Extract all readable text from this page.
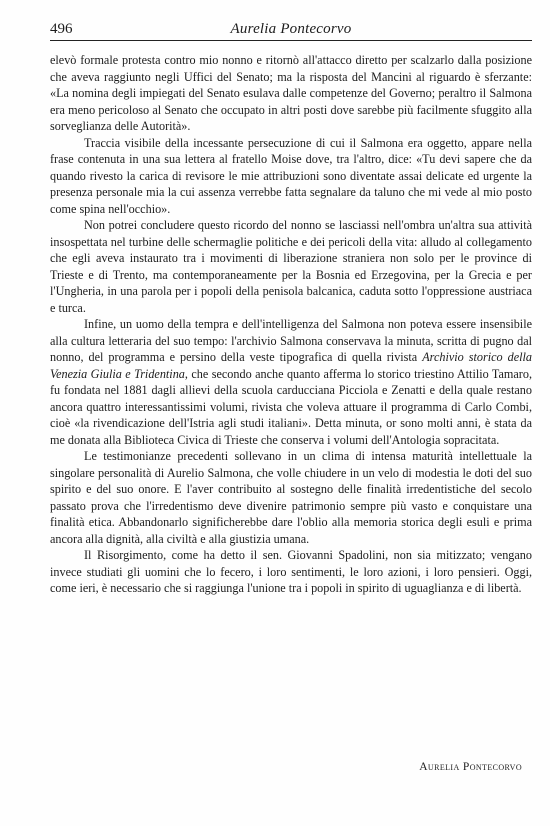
496	Aurelia Pontecorvo

elevò formale protesta contro mio nonno e ritornò all'attacco diretto per scalzarlo dalla posizione che aveva raggiunto negli Uffici del Senato; ma la risposta del Mancini al riguardo è sferzante: «La nomina degli impiegati del Senato esulava dalle competenze del Governo; peraltro il Salmona era meno pericoloso al Senato che occupato in altri posti dove sarebbe più facilmente sfuggito alla sorveglianza delle Autorità».

Traccia visibile della incessante persecuzione di cui il Salmona era oggetto, appare nella frase contenuta in una sua lettera al fratello Moise dove, tra l'altro, dice: «Tu devi sapere che da quando rivesto la carica di revisore le mie attribuzioni sono diventate assai delicate ed urgente la presenza personale mia la cui assenza verrebbe fatta segnalare da taluno che mi vede al mio posto come spina nell'occhio».

Non potrei concludere questo ricordo del nonno se lasciassi nell'ombra un'altra sua attività insospettata nel turbine delle schermaglie politiche e dei pericoli della vita: alludo al collegamento che egli aveva instaurato tra i movimenti di liberazione straniera non solo per le province di Trieste e di Trento, ma contemporaneamente per la Bosnia ed Erzegovina, per la Grecia e per l'Ungheria, in una parola per i popoli della penisola balcanica, caduta sotto l'oppressione austriaca e turca.

Infine, un uomo della tempra e dell'intelligenza del Salmona non poteva essere insensibile alla cultura letteraria del suo tempo: l'archivio Salmona conservava la minuta, scritta di pugno dal nonno, del programma e persino della veste tipografica di quella rivista Archivio storico della Venezia Giulia e Tridentina, che secondo anche quanto afferma lo storico triestino Attilio Tamaro, fu fondata nel 1881 dagli allievi della scuola carducciana Picciola e Zenatti e della quale restano ancora quattro interessantissimi volumi, rivista che voleva attuare il programma di Carlo Combi, cioè «la rivendicazione dell'Istria agli studi italiani». Detta minuta, or sono molti anni, è stata da me donata alla Biblioteca Civica di Trieste che conserva i volumi dell'Antologia sopracitata.

Le testimonianze precedenti sollevano in un clima di intensa maturità intellettuale la singolare personalità di Aurelio Salmona, che volle chiudere in un velo di modestia le doti del suo spirito e del suo onore. E l'aver contribuito al sostegno delle finalità irredentistiche del secolo passato prova che l'irredentismo deve divenire patrimonio sempre più vasto e conquistare una finalità etica. Abbandonarlo significherebbe dare l'oblio alla memoria storica degli esuli e prima ancora alla dignità, alla civiltà e alla giustizia umana.

Il Risorgimento, come ha detto il sen. Giovanni Spadolini, non sia mitizzato; vengano invece studiati gli uomini che lo fecero, i loro sentimenti, le loro azioni, i loro pensieri. Oggi, come ieri, è necessario che si raggiunga l'unione tra i popoli in spirito di uguaglianza e di libertà.

Aurelia Pontecorvo
